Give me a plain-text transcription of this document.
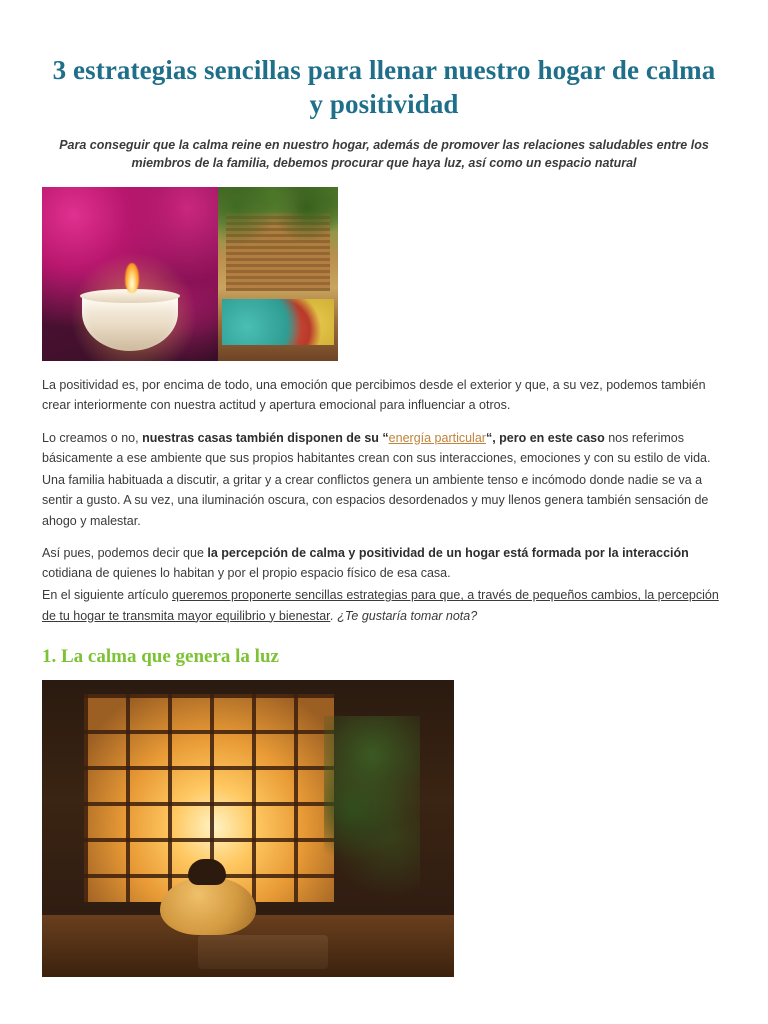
3 estrategias sencillas para llenar nuestro hogar de calma y positividad
Para conseguir que la calma reine en nuestro hogar, además de promover las relaciones saludables entre los miembros de la familia, debemos procurar que haya luz, así como un espacio natural

La positividad es, por encima de todo, una emoción que percibimos desde el exterior y que, a su vez, podemos también crear interiormente con nuestra actitud y apertura emocional para influenciar a otros.

Lo creamos o no, nuestras casas también disponen de su “energía particular“, pero en este caso nos referimos básicamente a ese ambiente que sus propios habitantes crean con sus interacciones, emociones y con su estilo de vida.

Una familia habituada a discutir, a gritar y a crear conflictos genera un ambiente tenso e incómodo donde nadie se va a sentir a gusto. A su vez, una iluminación oscura, con espacios desordenados y muy llenos genera también sensación de ahogo y malestar.

Así pues, podemos decir que la percepción de calma y positividad de un hogar está formada por la interacción cotidiana de quienes lo habitan y por el propio espacio físico de esa casa.

En el siguiente artículo queremos proponerte sencillas estrategias para que, a través de pequeños cambios, la percepción de tu hogar te transmita mayor equilibrio y bienestar. ¿Te gustaría tomar nota?

1. La calma que genera la luz
